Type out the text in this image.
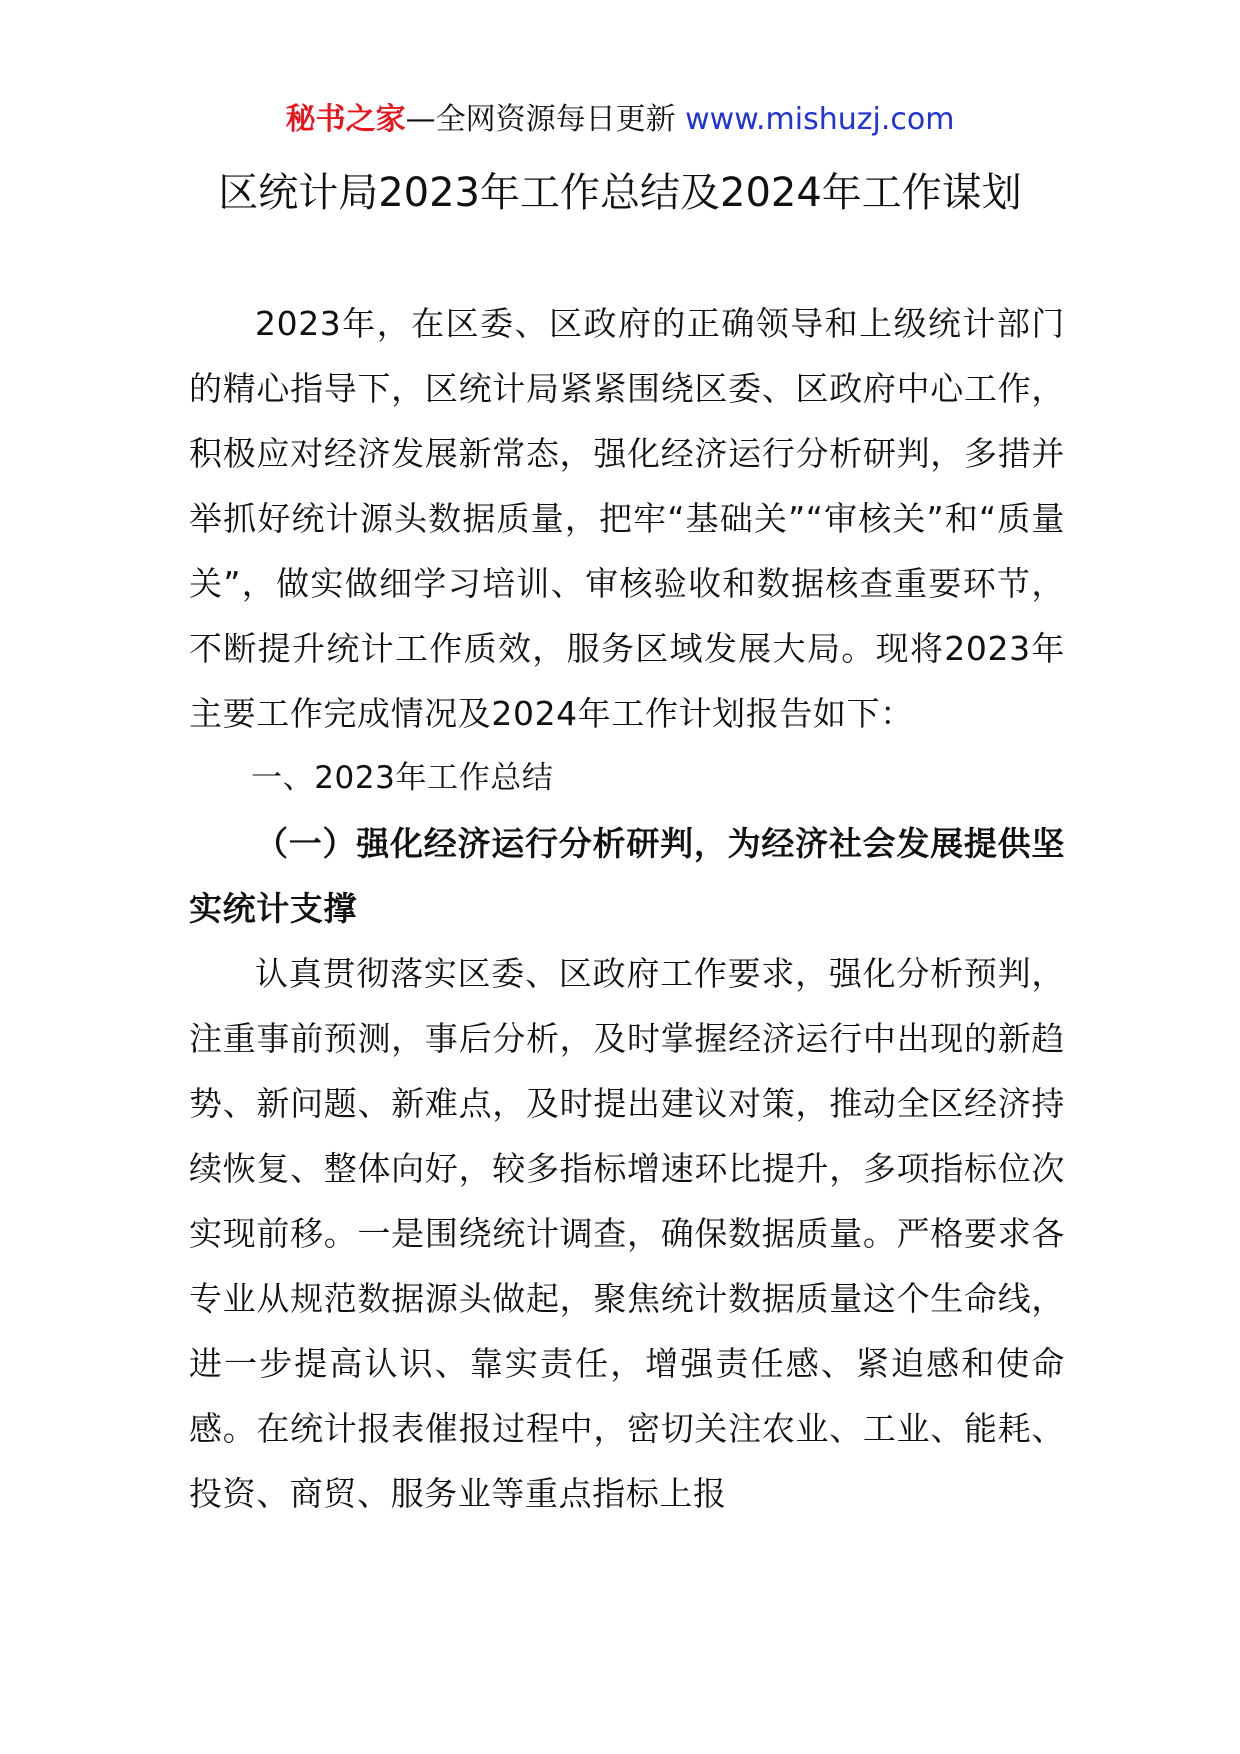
秘书之家—全网资源每日更新 www.mishuzj.com
区统计局2023年工作总结及2024年工作谋划

2023年，在区委、区政府的正确领导和上级统计部门的精心指导下，区统计局紧紧围绕区委、区政府中心工作，积极应对经济发展新常态，强化经济运行分析研判，多措并举抓好统计源头数据质量，把牢“基础关”“审核关”和“质量关”，做实做细学习培训、审核验收和数据核查重要环节，不断提升统计工作质效，服务区域发展大局。现将2023年主要工作完成情况及2024年工作计划报告如下：

一、2023年工作总结

（一）强化经济运行分析研判，为经济社会发展提供坚实统计支撑

认真贯彻落实区委、区政府工作要求，强化分析预判，注重事前预测，事后分析，及时掌握经济运行中出现的新趋势、新问题、新难点，及时提出建议对策，推动全区经济持续恢复、整体向好，较多指标增速环比提升，多项指标位次实现前移。一是围绕统计调查，确保数据质量。严格要求各专业从规范数据源头做起，聚焦统计数据质量这个生命线，进一步提高认识、靠实责任，增强责任感、紧迫感和使命感。在统计报表催报过程中，密切关注农业、工业、能耗、投资、商贸、服务业等重点指标上报
